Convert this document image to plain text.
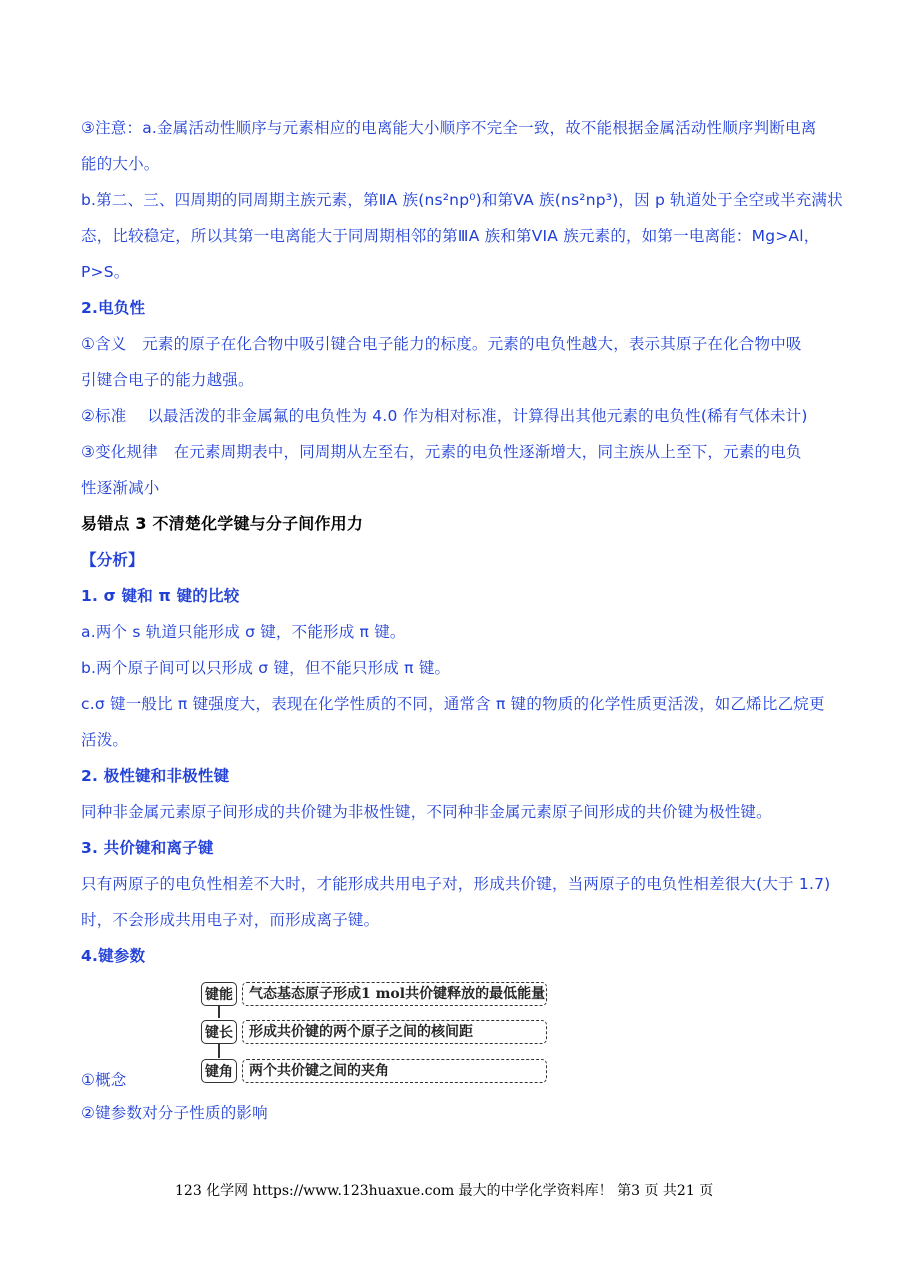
③注意：a.金属活动性顺序与元素相应的电离能大小顺序不完全一致，故不能根据金属活动性顺序判断电离
能的大小。
b.第二、三、四周期的同周期主族元素，第ⅡA 族(ns²np⁰)和第VA 族(ns²np³)，因 p 轨道处于全空或半充满状
态，比较稳定，所以其第一电离能大于同周期相邻的第ⅢA 族和第VIA 族元素的，如第一电离能：Mg>Al，
P>S。
2.电负性
①含义　元素的原子在化合物中吸引键合电子能力的标度。元素的电负性越大，表示其原子在化合物中吸
引键合电子的能力越强。
②标准　 以最活泼的非金属氟的电负性为 4.0 作为相对标准，计算得出其他元素的电负性(稀有气体未计)
③变化规律　在元素周期表中，同周期从左至右，元素的电负性逐渐增大，同主族从上至下，元素的电负
性逐渐减小
易错点 3 不清楚化学键与分子间作用力
【分析】
1. σ 键和 π 键的比较
a.两个 s 轨道只能形成 σ 键，不能形成 π 键。
b.两个原子间可以只形成 σ 键，但不能只形成 π 键。
c.σ 键一般比 π 键强度大，表现在化学性质的不同，通常含 π 键的物质的化学性质更活泼，如乙烯比乙烷更
活泼。
2. 极性键和非极性键
同种非金属元素原子间形成的共价键为非极性键，不同种非金属元素原子间形成的共价键为极性键。
3. 共价键和离子键
只有两原子的电负性相差不大时，才能形成共用电子对，形成共价键，当两原子的电负性相差很大(大于 1.7)
时，不会形成共用电子对，而形成离子键。
4.键参数
键能	气态基态原子形成1 mol共价键释放的最低能量
键长	形成共价键的两个原子之间的核间距
键角	两个共价键之间的夹角
①概念
②键参数对分子性质的影响
123 化学网 https://www.123huaxue.com 最大的中学化学资料库！ 第3 页 共21 页
